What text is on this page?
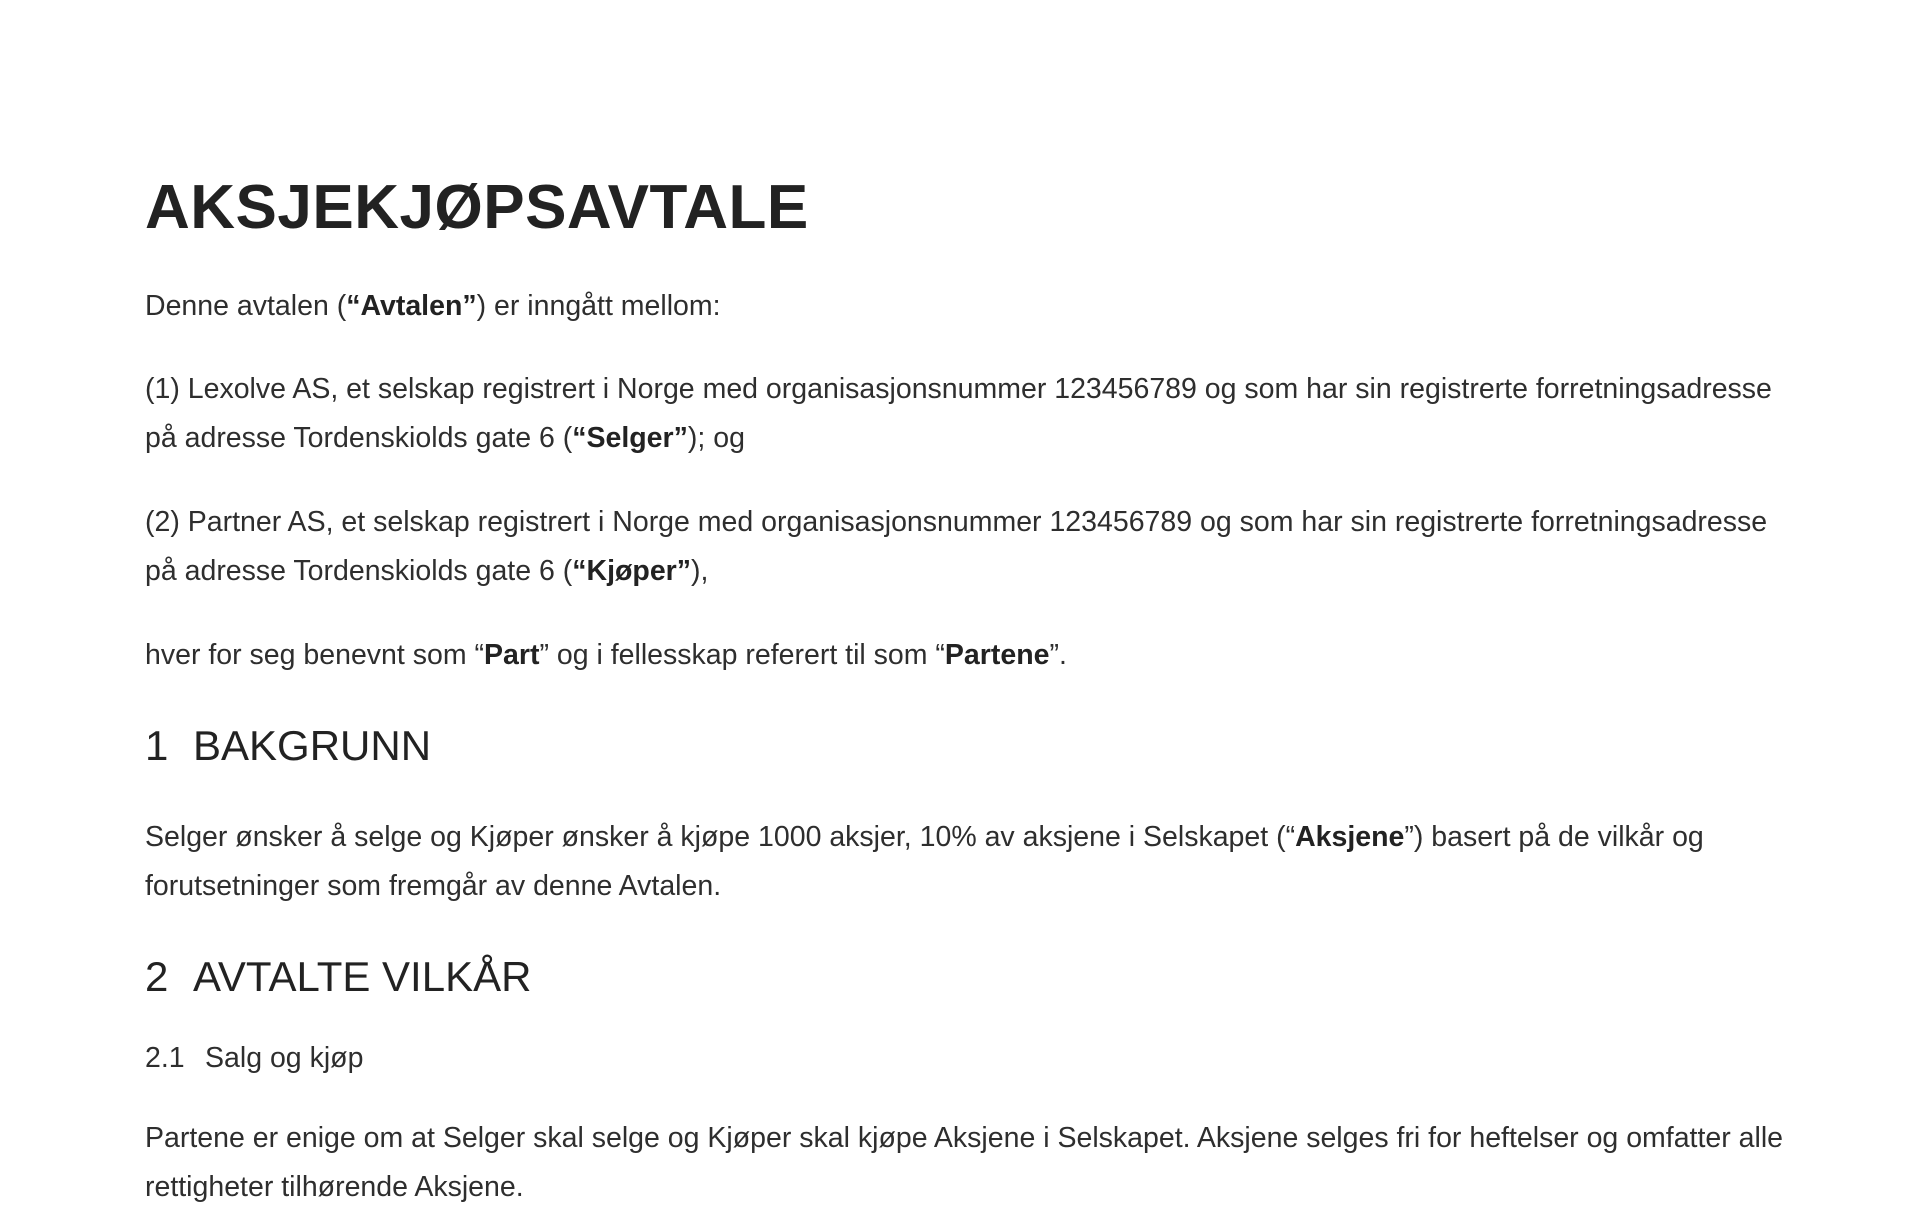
AKSJEKJØPSAVTALE

Denne avtalen (“Avtalen”) er inngått mellom:

(1) Lexolve AS, et selskap registrert i Norge med organisasjonsnummer 123456789 og som har sin registrerte forretningsadresse på adresse Tordenskiolds gate 6 (“Selger”); og

(2) Partner AS, et selskap registrert i Norge med organisasjonsnummer 123456789 og som har sin registrerte forretningsadresse på adresse Tordenskiolds gate 6 (“Kjøper”),

hver for seg benevnt som “Part” og i fellesskap referert til som “Partene”.

1 BAKGRUNN

Selger ønsker å selge og Kjøper ønsker å kjøpe 1000 aksjer, 10% av aksjene i Selskapet (“Aksjene”) basert på de vilkår og forutsetninger som fremgår av denne Avtalen.

2 AVTALTE VILKÅR
2.1 Salg og kjøp

Partene er enige om at Selger skal selge og Kjøper skal kjøpe Aksjene i Selskapet. Aksjene selges fri for heftelser og omfatter alle rettigheter tilhørende Aksjene.
